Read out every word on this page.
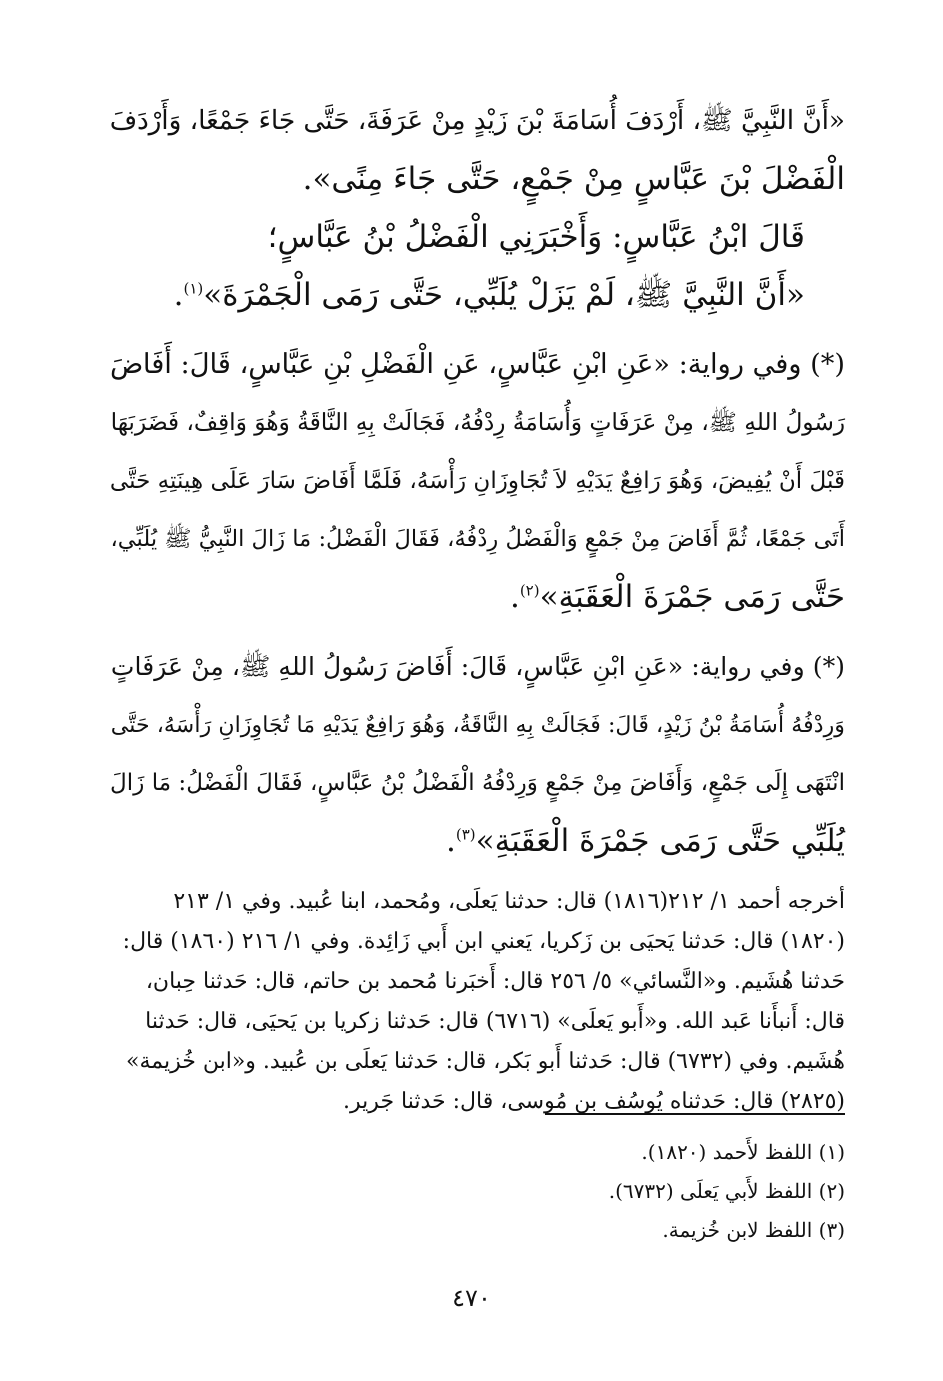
«أَنَّ النَّبِيَّ ﷺ، أَرْدَفَ أُسَامَةَ بْنَ زَيْدٍ مِنْ عَرَفَةَ، حَتَّى جَاءَ جَمْعًا، وَأَرْدَفَ
الْفَضْلَ بْنَ عَبَّاسٍ مِنْ جَمْعٍ، حَتَّى جَاءَ مِنًى».
قَالَ ابْنُ عَبَّاسٍ: وَأَخْبَرَنِي الْفَضْلُ بْنُ عَبَّاسٍ؛
«أَنَّ النَّبِيَّ ﷺ، لَمْ يَزَلْ يُلَبِّي، حَتَّى رَمَى الْجَمْرَةَ»$^{(١)}$.
(*) وفي رواية: «عَنِ ابْنِ عَبَّاسٍ، عَنِ الْفَضْلِ بْنِ عَبَّاسٍ، قَالَ: أَفَاضَ
رَسُولُ اللهِ ﷺ، مِنْ عَرَفَاتٍ وَأُسَامَةُ رِدْفُهُ، فَجَالَتْ بِهِ النَّاقَةُ وَهُوَ وَاقِفٌ، فَضَرَبَهَا
قَبْلَ أَنْ يُفِيضَ، وَهُوَ رَافِعٌ يَدَيْهِ لاَ تُجَاوِزَانِ رَأْسَهُ، فَلَمَّا أَفَاضَ سَارَ عَلَى هِينَتِهِ حَتَّى
أَتَى جَمْعًا، ثُمَّ أَفَاضَ مِنْ جَمْعٍ وَالْفَضْلُ رِدْفُهُ، فَقَالَ الْفَضْلُ: مَا زَالَ النَّبِيُّ ﷺ يُلَبِّي،
حَتَّى رَمَى جَمْرَةَ الْعَقَبَةِ»$^{(٢)}$.
(*) وفي رواية: «عَنِ ابْنِ عَبَّاسٍ، قَالَ: أَفَاضَ رَسُولُ اللهِ ﷺ، مِنْ عَرَفَاتٍ
وَرِدْفُهُ أُسَامَةُ بْنُ زَيْدٍ، قَالَ: فَجَالَتْ بِهِ النَّاقَةُ، وَهُوَ رَافِعٌ يَدَيْهِ مَا تُجَاوِزَانِ رَأْسَهُ، حَتَّى
انْتَهَى إِلَى جَمْعٍ، وَأَفَاضَ مِنْ جَمْعٍ وَرِدْفُهُ الْفَضْلُ بْنُ عَبَّاسٍ، فَقَالَ الْفَضْلُ: مَا زَالَ
يُلَبِّي حَتَّى رَمَى جَمْرَةَ الْعَقَبَةِ»$^{(٣)}$.
أخرجه أحمد ١/ ٢١٢(١٨١٦) قال: حدثنا يَعلَى، ومُحمد، ابنا عُبيد. وفي ١/ ٢١٣
(١٨٢٠) قال: حَدثنا يَحيَى بن زَكريا، يَعني ابن أَبي زَائِدة. وفي ١/ ٢١٦ (١٨٦٠) قال:
حَدثنا هُشَيم. و«النَّسائي» ٥/ ٢٥٦ قال: أَخبَرنا مُحمد بن حاتم، قال: حَدثنا حِبان،
قال: أَنبأَنا عَبد الله. و«أَبو يَعلَى» (٦٧١٦) قال: حَدثنا زكريا بن يَحيَى، قال: حَدثنا
هُشَيم. وفي (٦٧٣٢) قال: حَدثنا أَبو بَكر، قال: حَدثنا يَعلَى بن عُبيد. و«ابن خُزيمة»
(٢٨٢٥) قال: حَدثناه يُوسُف بن مُوسى، قال: حَدثنا جَرير.
(١) اللفظ لأَحمد (١٨٢٠).
(٢) اللفظ لأَبي يَعلَى (٦٧٣٢).
(٣) اللفظ لابن خُزيمة.
٤٧٠
